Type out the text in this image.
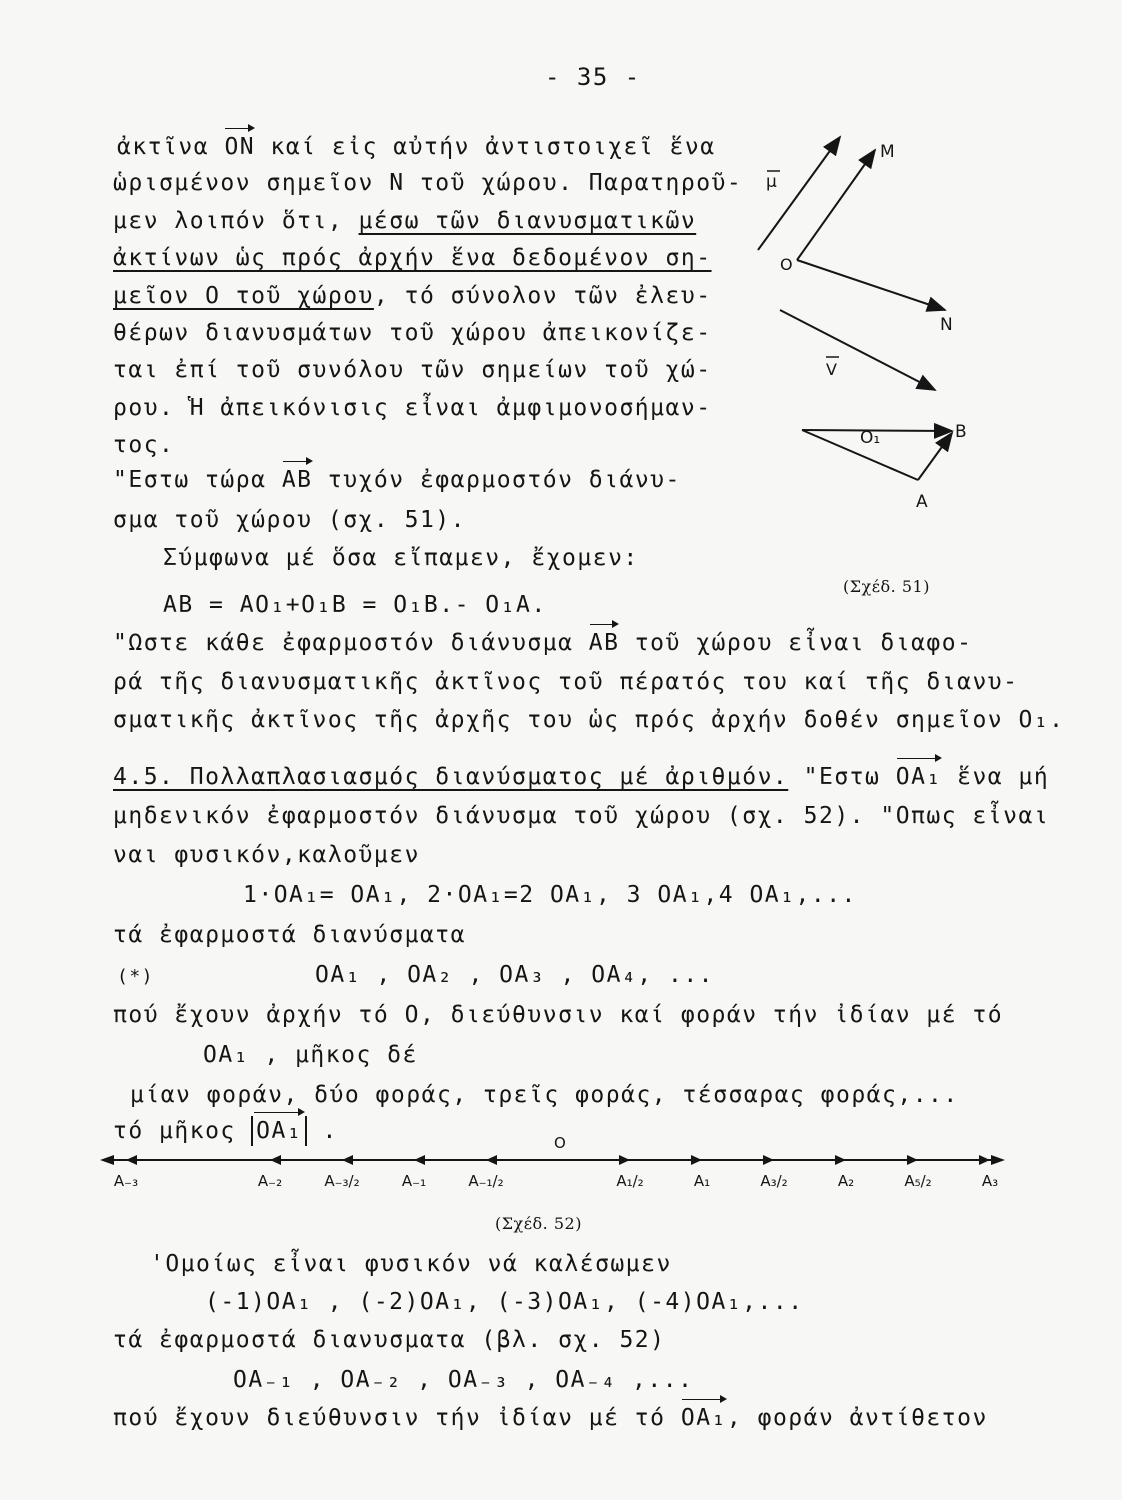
- 35 -
ἀκτῖνα ΟΝ καί εἰς αὐτήν ἀντιστοιχεῖ ἕνα
ὡρισμένον σημεῖον Ν τοῦ χώρου. Παρατηροῦ-
μεν λοιπόν ὅτι, μέσω τῶν διανυσματικῶν
ἀκτίνων ὡς πρός ἀρχήν ἕνα δεδομένον ση-
μεῖον Ο τοῦ χώρου, τό σύνολον τῶν ἐλευ-
θέρων διανυσμάτων τοῦ χώρου ἀπεικονίζε-
ται ἐπί τοῦ συνόλου τῶν σημείων τοῦ χώ-
ρου. Ἡ ἀπεικόνισις εἶναι ἀμφιμονοσήμαν-
τος.
"Εστω τώρα ΑΒ τυχόν ἐφαρμοστόν διάνυ-
σμα τοῦ χώρου (σχ. 51).
Σύμφωνα μέ ὅσα εἴπαμεν, ἔχομεν:
ΑΒ = ΑΟ₁+Ο₁Β = Ο₁Β.- Ο₁Α.
(Σχέδ. 51)
"Ωστε κάθε ἐφαρμοστόν διάνυσμα ΑΒ τοῦ χώρου εἶναι διαφο-
ρά τῆς διανυσματικῆς ἀκτῖνος τοῦ πέρατός του καί τῆς διανυ-
σματικῆς ἀκτῖνος τῆς ἀρχῆς του ὡς πρός ἀρχήν δοθέν σημεῖον Ο₁.
4.5. Πολλαπλασιασμός διανύσματος μέ ἀριθμόν. "Εστω ΟΑ₁ ἕνα μή
μηδενικόν ἐφαρμοστόν διάνυσμα τοῦ χώρου (σχ. 52). "Οπως εἶναι
ναι φυσικόν,καλοῦμεν
1·ΟΑ₁= ΟΑ₁, 2·ΟΑ₁=2 ΟΑ₁, 3 ΟΑ₁,4 ΟΑ₁,...
τά ἐφαρμοστά διανύσματα
(*)	ΟΑ₁ , ΟΑ₂ , ΟΑ₃ , ΟΑ₄, ...
πού ἔχουν ἀρχήν τό Ο, διεύθυνσιν καί φοράν τήν ἰδίαν μέ τό
ΟΑ₁ , μῆκος δέ
μίαν φοράν, δύο φοράς, τρεῖς φοράς, τέσσαρας φοράς,...
τό μῆκος ΟΑ₁ .	O
A₋₃	A₋₂	A₋₃/₂	A₋₁	A₋₁/₂	A₁/₂	A₁	A₃/₂	A₂	A₅/₂	A₃
(Σχέδ. 52)
'Ομοίως εἶναι φυσικόν νά καλέσωμεν
(-1)ΟΑ₁ , (-2)ΟΑ₁, (-3)ΟΑ₁, (-4)ΟΑ₁,...
τά ἐφαρμοστά διανυσματα (βλ. σχ. 52)
ΟΑ₋₁ , ΟΑ₋₂ , ΟΑ₋₃ , ΟΑ₋₄ ,...
πού ἔχουν διεύθυνσιν τήν ἰδίαν μέ τό ΟΑ₁, φοράν ἀντίθετον
μ
M
O
N
V
O₁	B
A
